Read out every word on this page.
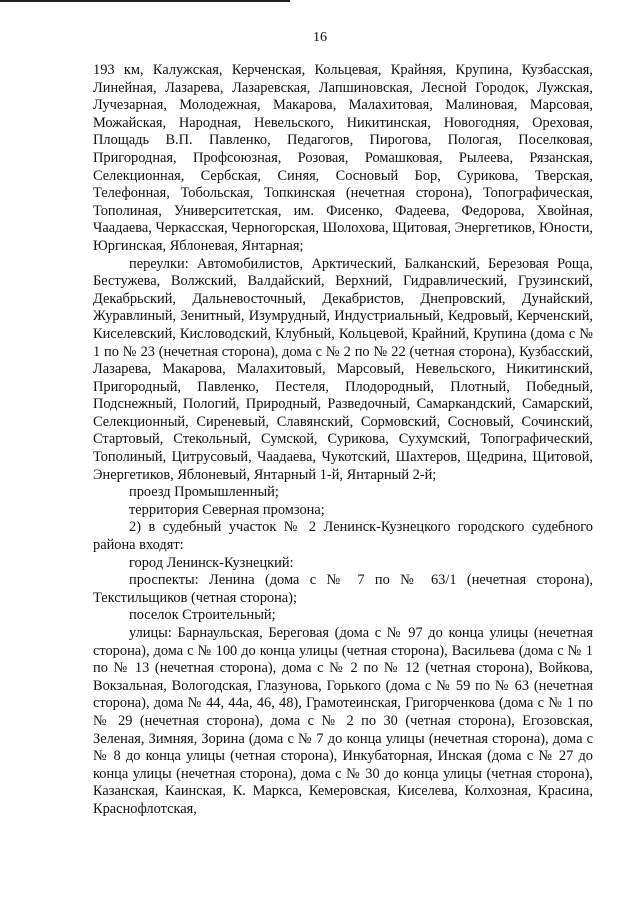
16

193 км, Калужская, Керченская, Кольцевая, Крайняя, Крупина, Кузбасская, Линейная, Лазарева, Лазаревская, Лапшиновская, Лесной Городок, Лужская, Лучезарная, Молодежная, Макарова, Малахитовая, Малиновая, Марсовая, Можайская, Народная, Невельского, Никитинская, Новогодняя, Ореховая, Площадь В.П. Павленко, Педагогов, Пирогова, Пологая, Поселковая, Пригородная, Профсоюзная, Розовая, Ромашковая, Рылеева, Рязанская, Селекционная, Сербская, Синяя, Сосновый Бор, Сурикова, Тверская, Телефонная, Тобольская, Топкинская (нечетная сторона), Топографическая, Тополиная, Университетская, им. Фисенко, Фадеева, Федорова, Хвойная, Чаадаева, Черкасская, Черногорская, Шолохова, Щитовая, Энергетиков, Юности, Юргинская, Яблоневая, Янтарная;

переулки: Автомобилистов, Арктический, Балканский, Березовая Роща, Бестужева, Волжский, Валдайский, Верхний, Гидравлический, Грузинский, Декабрьский, Дальневосточный, Декабристов, Днепровский, Дунайский, Журавлиный, Зенитный, Изумрудный, Индустриальный, Кедровый, Керченский, Киселевский, Кисловодский, Клубный, Кольцевой, Крайний, Крупина (дома с № 1 по № 23 (нечетная сторона), дома с № 2 по № 22 (четная сторона), Кузбасский, Лазарева, Макарова, Малахитовый, Марсовый, Невельского, Никитинский, Пригородный, Павленко, Пестеля, Плодородный, Плотный, Победный, Подснежный, Пологий, Природный, Разведочный, Самаркандский, Самарский, Селекционный, Сиреневый, Славянский, Сормовский, Сосновый, Сочинский, Стартовый, Стекольный, Сумской, Сурикова, Сухумский, Топографический, Тополиный, Цитрусовый, Чаадаева, Чукотский, Шахтеров, Щедрина, Щитовой, Энергетиков, Яблоневый, Янтарный 1-й, Янтарный 2-й;

проезд Промышленный;

территория Северная промзона;

2) в судебный участок № 2 Ленинск-Кузнецкого городского судебного района входят:

город Ленинск-Кузнецкий:

проспекты: Ленина (дома с № 7 по № 63/1 (нечетная сторона), Текстильщиков (четная сторона);

поселок Строительный;

улицы: Барнаульская, Береговая (дома с № 97 до конца улицы (нечетная сторона), дома с № 100 до конца улицы (четная сторона), Васильева (дома с № 1 по № 13 (нечетная сторона), дома с № 2 по № 12 (четная сторона), Войкова, Вокзальная, Вологодская, Глазунова, Горького (дома с № 59 по № 63 (нечетная сторона), дома № 44, 44а, 46, 48), Грамотеинская, Григорченкова (дома с № 1 по № 29 (нечетная сторона), дома с № 2 по 30 (четная сторона), Егозовская, Зеленая, Зимняя, Зорина (дома с № 7 до конца улицы (нечетная сторона), дома с № 8 до конца улицы (четная сторона), Инкубаторная, Инская (дома с № 27 до конца улицы (нечетная сторона), дома с № 30 до конца улицы (четная сторона), Казанская, Каинская, К. Маркса, Кемеровская, Киселева, Колхозная, Красина, Краснофлотская,
